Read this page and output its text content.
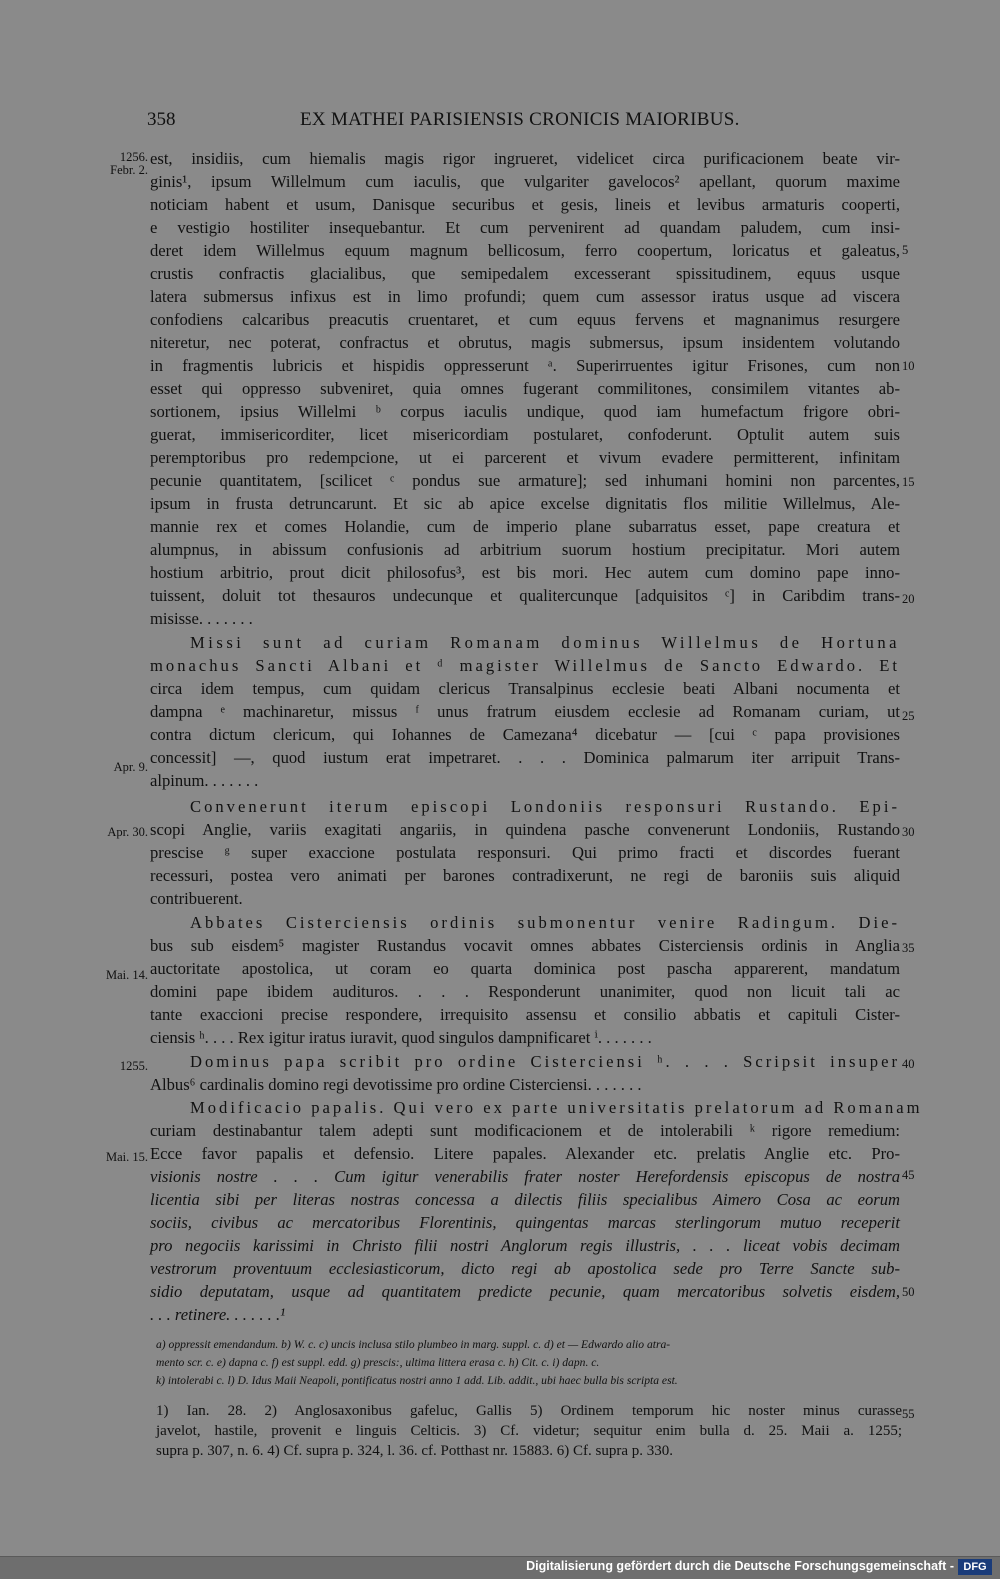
358	EX MATHEI PARISIENSIS CRONICIS MAIORIBUS.
1256.
Febr. 2.
Apr. 9.
Apr. 30.
Mai. 14.
1255.
Mai. 15.
5
10
15
20
25
30
35
40
45
50
55
est, insidiis, cum hiemalis magis rigor ingrueret, videlicet circa purificacionem beate vir-
ginis¹, ipsum Willelmum cum iaculis, que vulgariter gavelocos² apellant, quorum maxime
noticiam habent et usum, Danisque securibus et gesis, lineis et levibus armaturis cooperti,
e vestigio hostiliter insequebantur. Et cum pervenirent ad quandam paludem, cum insi-
deret idem Willelmus equum magnum bellicosum, ferro coopertum, loricatus et galeatus,
crustis confractis glacialibus, que semipedalem excesserant spissitudinem, equus usque
latera submersus infixus est in limo profundi; quem cum assessor iratus usque ad viscera
confodiens calcaribus preacutis cruentaret, et cum equus fervens et magnanimus resurgere
niteretur, nec poterat, confractus et obrutus, magis submersus, ipsum insidentem volutando
in fragmentis lubricis et hispidis oppresserunt ᵃ. Superirruentes igitur Frisones, cum non
esset qui oppresso subveniret, quia omnes fugerant commilitones, consimilem vitantes ab-
sortionem, ipsius Willelmi ᵇ corpus iaculis undique, quod iam humefactum frigore obri-
guerat, immisericorditer, licet misericordiam postularet, confoderunt. Optulit autem suis
peremptoribus pro redempcione, ut ei parcerent et vivum evadere permitterent, infinitam
pecunie quantitatem, [scilicet ᶜ pondus sue armature]; sed inhumani homini non parcentes,
ipsum in frusta detruncarunt. Et sic ab apice excelse dignitatis flos militie Willelmus, Ale-
mannie rex et comes Holandie, cum de imperio plane subarratus esset, pape creatura et
alumpnus, in abissum confusionis ad arbitrium suorum hostium precipitatur. Mori autem
hostium arbitrio, prout dicit philosofus³, est bis mori. Hec autem cum domino pape inno-
tuissent, doluit tot thesauros undecunque et qualitercunque [adquisitos ᶜ] in Caribdim trans-
misisse. . . . . . .
Missi sunt ad curiam Romanam dominus Willelmus de Hortuna
monachus Sancti Albani et ᵈ magister Willelmus de Sancto Edwardo. Et
circa idem tempus, cum quidam clericus Transalpinus ecclesie beati Albani nocumenta et
dampna ᵉ machinaretur, missus ᶠ unus fratrum eiusdem ecclesie ad Romanam curiam, ut
contra dictum clericum, qui Iohannes de Camezana⁴ dicebatur — [cui ᶜ papa provisiones
concessit] —, quod iustum erat impetraret. . . . Dominica palmarum iter arripuit Trans-
alpinum. . . . . . .
Convenerunt iterum episcopi Londoniis responsuri Rustando. Epi-
scopi Anglie, variis exagitati angariis, in quindena pasche convenerunt Londoniis, Rustando
prescise ᵍ super exaccione postulata responsuri. Qui primo fracti et discordes fuerant
recessuri, postea vero animati per barones contradixerunt, ne regi de baroniis suis aliquid
contribuerent.
Abbates Cisterciensis ordinis submonentur venire Radingum. Die-
bus sub eisdem⁵ magister Rustandus vocavit omnes abbates Cisterciensis ordinis in Anglia
auctoritate apostolica, ut coram eo quarta dominica post pascha apparerent, mandatum
domini pape ibidem audituros. . . . Responderunt unanimiter, quod non licuit tali ac
tante exaccioni precise respondere, irrequisito assensu et consilio abbatis et capituli Cister-
ciensis ʰ. . . . Rex igitur iratus iuravit, quod singulos dampnificaret ⁱ. . . . . . .
Dominus papa scribit pro ordine Cisterciensi ʰ. . . . Scripsit insuper
Albus⁶ cardinalis domino regi devotissime pro ordine Cisterciensi. . . . . . .
Modificacio papalis. Qui vero ex parte universitatis prelatorum ad Romanam
curiam destinabantur talem adepti sunt modificacionem et de intolerabili ᵏ rigore remedium:
Ecce favor papalis et defensio. Litere papales. Alexander etc. prelatis Anglie etc. Pro-
visionis nostre . . . Cum igitur venerabilis frater noster Herefordensis episcopus de nostra
licentia sibi per literas nostras concessa a dilectis filiis specialibus Aimero Cosa ac eorum
sociis, civibus ac mercatoribus Florentinis, quingentas marcas sterlingorum mutuo receperit
pro negociis karissimi in Christo filii nostri Anglorum regis illustris, . . . liceat vobis decimam
vestrorum proventuum ecclesiasticorum, dicto regi ab apostolica sede pro Terre Sancte sub-
sidio deputatam, usque ad quantitatem predicte pecunie, quam mercatoribus solvetis eisdem,
. . . retinere. . . . . . .¹
a) oppressit emendandum. b) W. c. c) uncis inclusa stilo plumbeo in marg. suppl. c. d) et — Edwardo alio atra-
mento scr. c. e) dapna c. f) est suppl. edd. g) prescis:, ultima littera erasa c. h) Cit. c. i) dapn. c.
k) intolerabi c. l) D. Idus Maii Neapoli, pontificatus nostri anno 1 add. Lib. addit., ubi haec bulla bis scripta est.
1) Ian. 28. 2) Anglosaxonibus gafeluc, Gallis 5) Ordinem temporum hic noster minus curasse
javelot, hastile, provenit e linguis Celticis. 3) Cf. videtur; sequitur enim bulla d. 25. Maii a. 1255;
supra p. 307, n. 6. 4) Cf. supra p. 324, l. 36. cf. Potthast nr. 15883. 6) Cf. supra p. 330.
Digitalisierung gefördert durch die Deutsche Forschungsgemeinschaft - DFG
